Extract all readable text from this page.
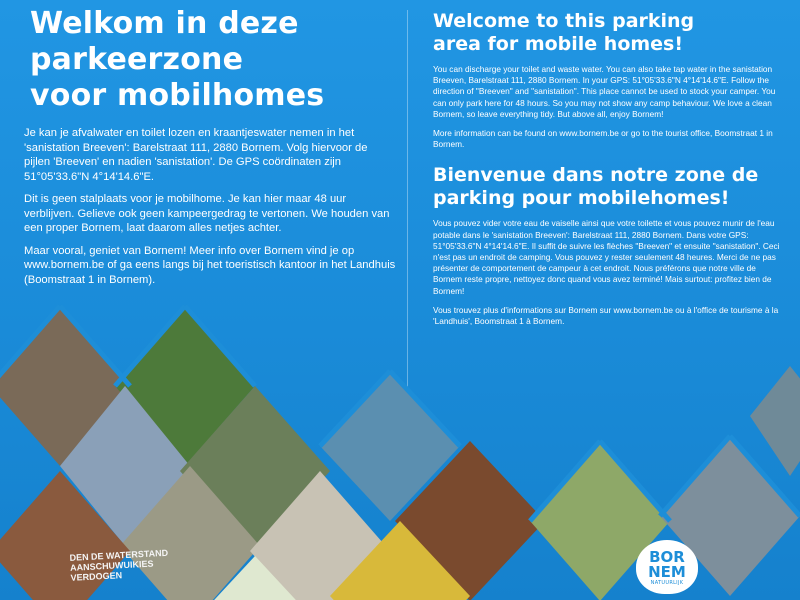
Welkom in deze
parkeerzone
voor mobilhomes

Je kan je afvalwater en toilet lozen en kraantjeswater nemen in het 'sanistation Breeven': Barelstraat 111, 2880 Bornem. Volg hiervoor de pijlen 'Breeven' en nadien 'sanistation'. De GPS coördinaten zijn 51°05'33.6"N 4°14'14.6"E.

Dit is geen stalplaats voor je mobilhome. Je kan hier maar 48 uur verblijven. Gelieve ook geen kampeergedrag te vertonen. We houden van een proper Bornem, laat daarom alles netjes achter.

Maar vooral, geniet van Bornem! Meer info over Bornem vind je op www.bornem.be of ga eens langs bij het toeristisch kantoor in het Landhuis (Boomstraat 1 in Bornem).

Welcome to this parking
area for mobile homes!

You can discharge your toilet and waste water. You can also take tap water in the sanistation Breeven, Barelstraat 111, 2880 Bornem. In your GPS: 51°05'33.6"N 4°14'14.6"E. Follow the direction of "Breeven" and "sanistation". This place cannot be used to stock your camper. You can only park here for 48 hours. So you may not show any camp behaviour. We love a clean Bornem, so leave everything tidy. But above all, enjoy Bornem!

More information can be found on www.bornem.be or go to the tourist office, Boomstraat 1 in Bornem.

Bienvenue dans notre zone de
parking pour mobilehomes!

Vous pouvez vider votre eau de vaiselle ainsi que votre toilette et vous pouvez munir de l'eau potable dans le 'sanistation Breeven': Barelstraat 111, 2880 Bornem. Dans votre GPS: 51°05'33.6"N 4°14'14.6"E. Il suffit de suivre les flèches "Breeven" et ensuite "sanistation". Ceci n'est pas un endroit de camping. Vous pouvez y rester seulement 48 heures. Merci de ne pas présenter de comportement de campeur à cet endroit. Nous préférons que notre ville de Bornem reste propre, nettoyez donc quand vous avez terminé! Mais surtout: profitez bien de Bornem!

Vous trouvez plus d'informations sur Bornem sur www.bornem.be ou à l'office de tourisme à la 'Landhuis', Boomstraat 1 à Bornem.

DEN DE WATERSTAND AANSCHUWUIKIES VERDOGEN
BOR
NEM
NATUURLIJK
